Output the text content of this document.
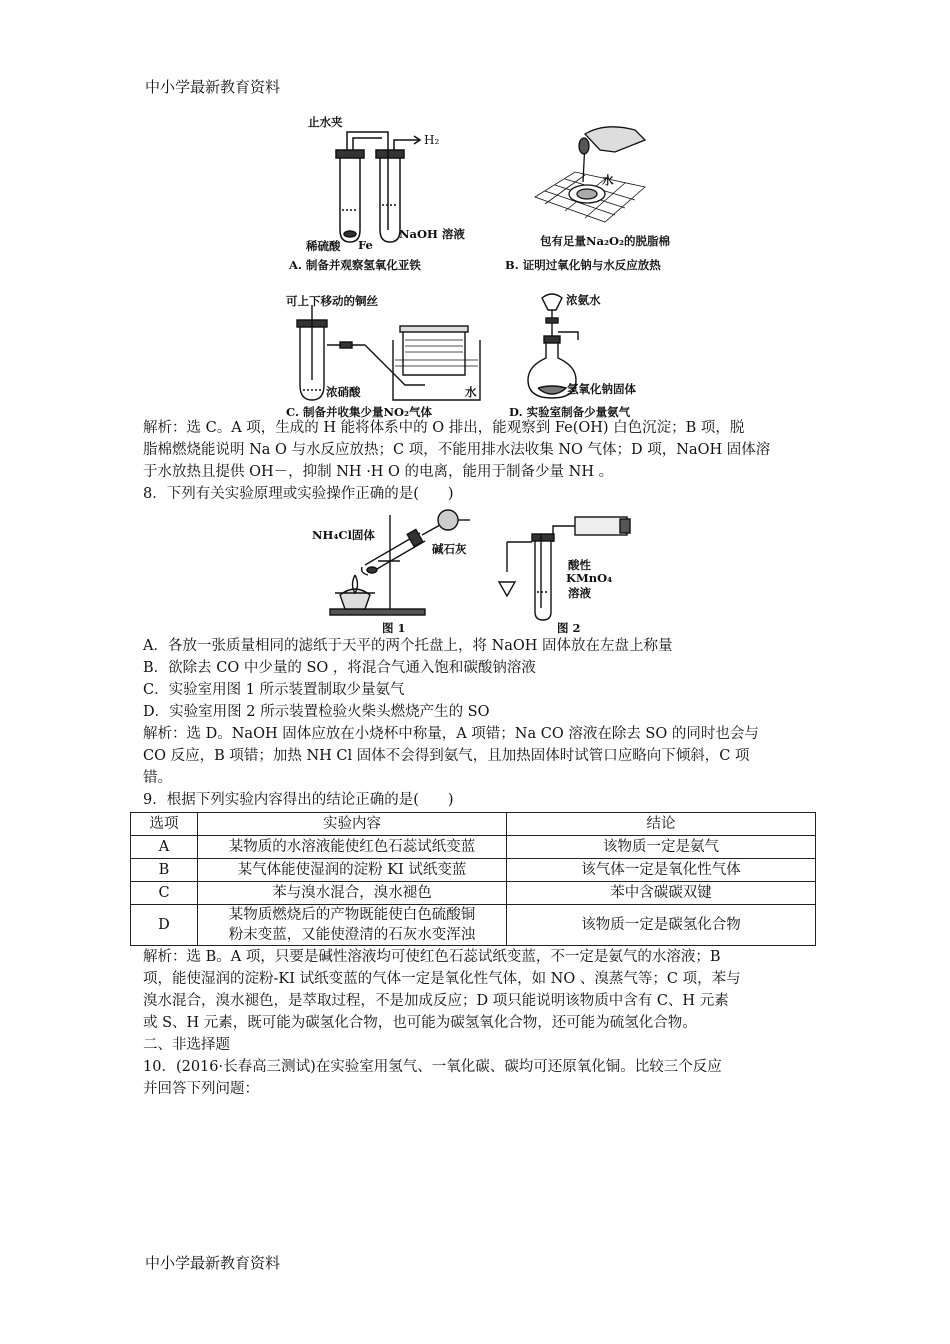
中小学最新教育资料
中小学最新教育资料
止水夹
H₂
稀硫酸 Fe
NaOH 溶液
A. 制备并观察氢氧化亚铁
水
包有足量Na₂O₂的脱脂棉
B. 证明过氧化钠与水反应放热
可上下移动的铜丝
浓硝酸	水
C. 制备并收集少量NO₂气体
浓氨水
氢氧化钠固体
D. 实验室制备少量氨气
解析：选 C。A 项，生成的 H 能将体系中的 O 排出，能观察到 Fe(OH) 白色沉淀；B 项，脱
脂棉燃烧能说明 Na O 与水反应放热；C 项，不能用排水法收集 NO 气体；D 项，NaOH 固体溶
于水放热且提供 OH－，抑制 NH ·H O 的电离，能用于制备少量 NH 。
8．下列有关实验原理或实验操作正确的是(　　)
NH₄Cl固体
碱石灰
图 1
酸性
KMnO₄
溶液
图 2
A．各放一张质量相同的滤纸于天平的两个托盘上，将 NaOH 固体放在左盘上称量
B．欲除去 CO 中少量的 SO ，将混合气通入饱和碳酸钠溶液
C．实验室用图 1 所示装置制取少量氨气
D．实验室用图 2 所示装置检验火柴头燃烧产生的 SO
解析：选 D。NaOH 固体应放在小烧杯中称量，A 项错；Na CO 溶液在除去 SO 的同时也会与
CO 反应，B 项错；加热 NH Cl 固体不会得到氨气，且加热固体时试管口应略向下倾斜，C 项
错。
9．根据下列实验内容得出的结论正确的是(　　)
选项	实验内容	结论
A	某物质的水溶液能使红色石蕊试纸变蓝	该物质一定是氨气
B	某气体能使湿润的淀粉 KI 试纸变蓝	该气体一定是氧化性气体
C	苯与溴水混合，溴水褪色	苯中含碳碳双键
D	某物质燃烧后的产物既能使白色硫酸铜
粉末变蓝，又能使澄清的石灰水变浑浊	该物质一定是碳氢化合物
解析：选 B。A 项，只要是碱性溶液均可使红色石蕊试纸变蓝，不一定是氨气的水溶液；B
项，能使湿润的淀粉-KI 试纸变蓝的气体一定是氧化性气体，如 NO 、溴蒸气等；C 项，苯与
溴水混合，溴水褪色，是萃取过程，不是加成反应；D 项只能说明该物质中含有 C、H 元素
或 S、H 元素，既可能为碳氢化合物，也可能为碳氢氧化合物，还可能为硫氢化合物。
二、非选择题
10．(2016·长春高三测试)在实验室用氢气、一氧化碳、碳均可还原氧化铜。比较三个反应
并回答下列问题：
